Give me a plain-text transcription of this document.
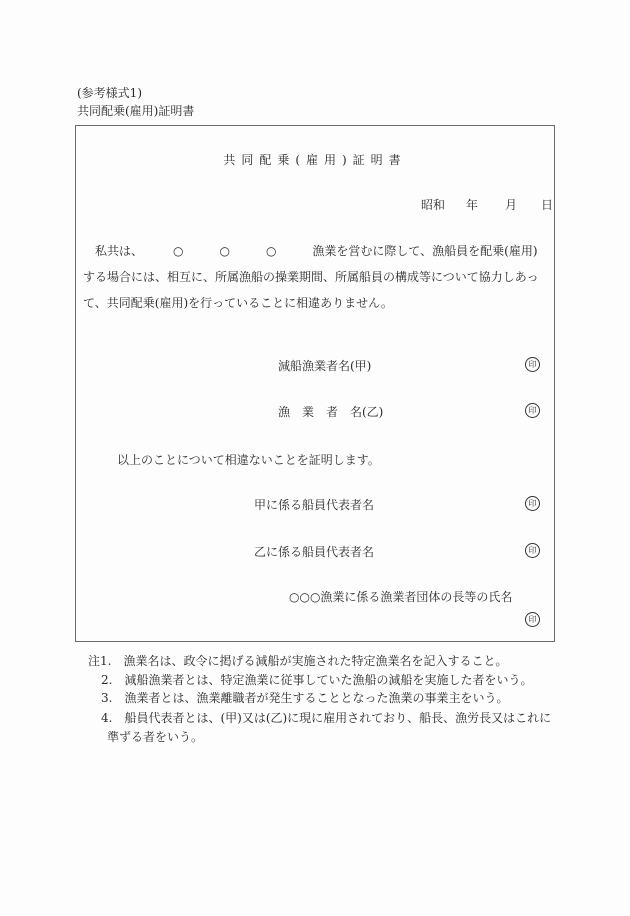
(参考様式1)
共同配乗(雇用)証明書
共同配乗(雇用)証明書
昭和 年 月 日
　私共は、　　　○　　　○　　　○　　　漁業を営むに際して、漁船員を配乗(雇用)
する場合には、相互に、所属漁船の操業期間、所属船員の構成等について協力しあっ
て、共同配乗(雇用)を行っていることに相違ありません。
減船漁業者名(甲)	印
漁　業　者　名(乙)	印
以上のことについて相違ないことを証明します。
甲に係る船員代表者名	印
乙に係る船員代表者名	印
○○○漁業に係る漁業者団体の長等の氏名
印
注1.　漁業名は、政令に掲げる減船が実施された特定漁業名を記入すること。
2.　減船漁業者とは、特定漁業に従事していた漁船の減船を実施した者をいう。
3.　漁業者とは、漁業離職者が発生することとなった漁業の事業主をいう。
4.　船員代表者とは、(甲)又は(乙)に現に雇用されており、船長、漁労長又はこれに
準ずる者をいう。
